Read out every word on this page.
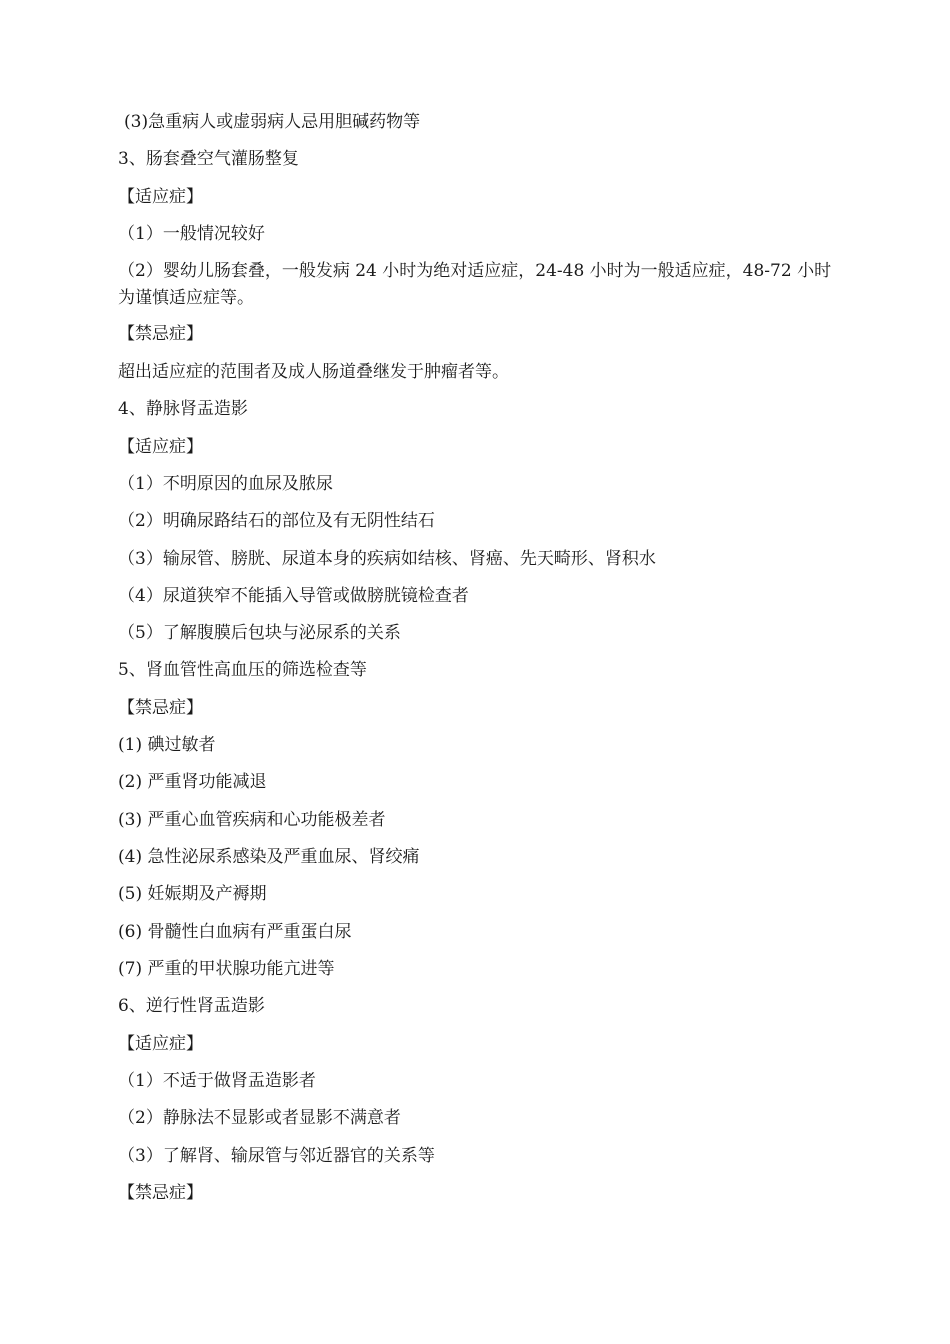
(3)急重病人或虚弱病人忌用胆碱药物等
3、肠套叠空气灌肠整复
【适应症】
（1）一般情况较好
（2）婴幼儿肠套叠，一般发病 24 小时为绝对适应症，24-48 小时为一般适应症，48-72 小时为谨慎适应症等。
【禁忌症】
超出适应症的范围者及成人肠道叠继发于肿瘤者等。
4、静脉肾盂造影
【适应症】
（1）不明原因的血尿及脓尿
（2）明确尿路结石的部位及有无阴性结石
（3）输尿管、膀胱、尿道本身的疾病如结核、肾癌、先天畸形、肾积水
（4）尿道狭窄不能插入导管或做膀胱镜检查者
（5）了解腹膜后包块与泌尿系的关系
5、肾血管性高血压的筛选检查等
【禁忌症】
(1) 碘过敏者
(2) 严重肾功能减退
(3) 严重心血管疾病和心功能极差者
(4) 急性泌尿系感染及严重血尿、肾绞痛
(5) 妊娠期及产褥期
(6) 骨髓性白血病有严重蛋白尿
(7) 严重的甲状腺功能亢进等
6、逆行性肾盂造影
【适应症】
（1）不适于做肾盂造影者
（2）静脉法不显影或者显影不满意者
（3）了解肾、输尿管与邻近器官的关系等
【禁忌症】
